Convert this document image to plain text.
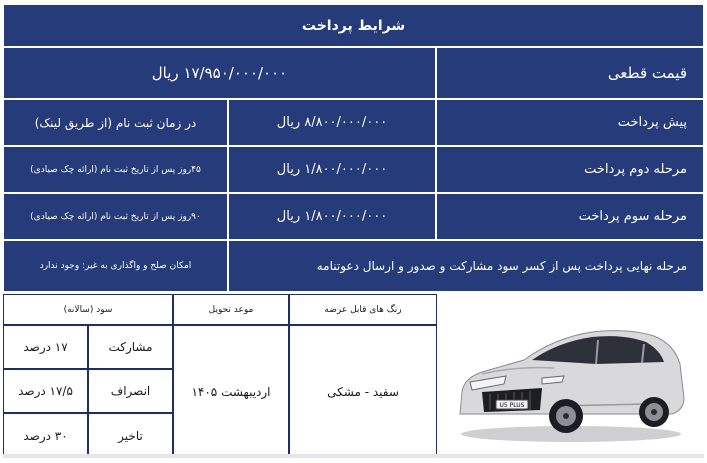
شرایط پرداخت
قیمت قطعی
۱۷/۹۵۰/۰۰۰/۰۰۰ ریال
پیش پرداخت
۸/۸۰۰/۰۰۰/۰۰۰ ریال
در زمان ثبت نام (از طریق لینک)
مرحله دوم پرداخت
۱/۸۰۰/۰۰۰/۰۰۰ ریال
۴۵روز پس از تاریخ ثبت نام (ارائه چک صیادی)
مرحله سوم پرداخت
۱/۸۰۰/۰۰۰/۰۰۰ ریال
۹۰روز پس از تاریخ ثبت نام (ارائه چک صیادی)
مرحله نهایی پرداخت پس از کسر سود مشارکت و صدور و ارسال دعوتنامه
امکان صلح و واگذاری به غیر: وجود ندارد
رنگ های قابل عرضه
موعد تحویل
سود (سالانه)
سفید - مشکی
اردیبهشت ۱۴۰۵
مشارکت
۱۷ درصد
انصراف
۱۷/۵ درصد
تاخیر
۳۰ درصد
U5 PLUS
